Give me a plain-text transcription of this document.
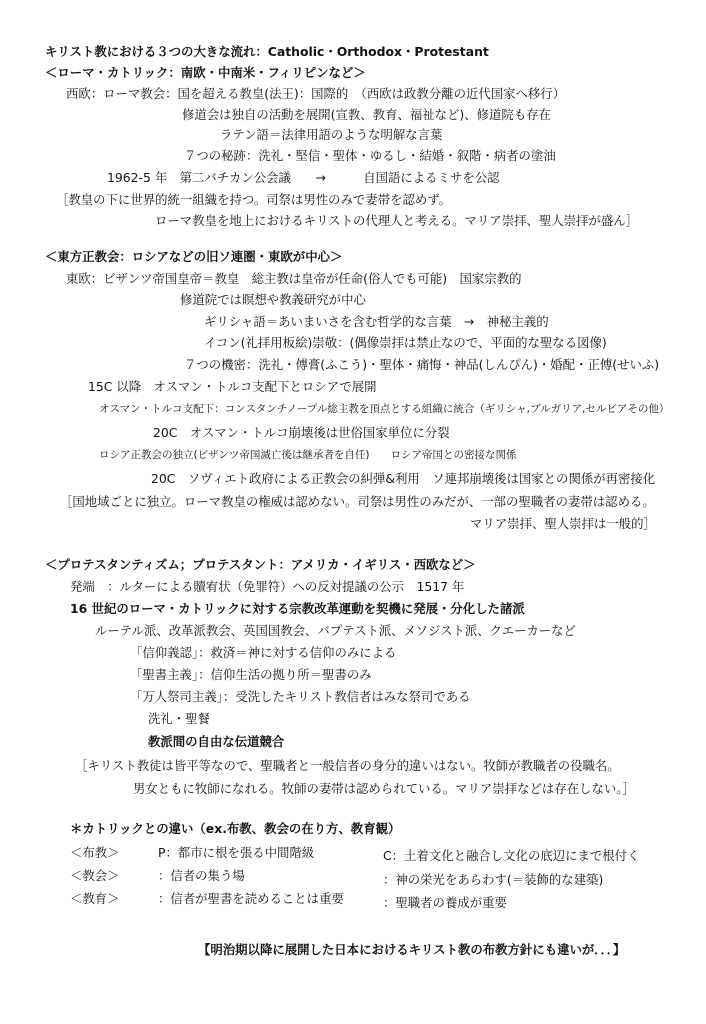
キリスト教における３つの大きな流れ：Catholic・Orthodox・Protestant
＜ローマ・カトリック：南欧・中南米・フィリピンなど＞
西欧：ローマ教会：国を超える教皇(法王)：国際的　（西欧は政教分離の近代国家へ移行）
修道会は独自の活動を展開(宣教、教育、福祉など)、修道院も存在
ラテン語＝法律用語のような明解な言葉
７つの秘跡：洗礼・堅信・聖体・ゆるし・結婚・叙階・病者の塗油
1962-5 年　第二バチカン公会議　　→　　　自国語によるミサを公認
［教皇の下に世界的統一組織を持つ。司祭は男性のみで妻帯を認めず。
ローマ教皇を地上におけるキリストの代理人と考える。マリア崇拝、聖人崇拝が盛ん］
＜東方正教会：ロシアなどの旧ソ連圏・東欧が中心＞
東欧：ビザンツ帝国皇帝＝教皇　総主教は皇帝が任命(俗人でも可能)　国家宗教的
修道院では瞑想や教義研究が中心
ギリシャ語＝あいまいさを含む哲学的な言葉　→　神秘主義的
イコン(礼拝用板絵)崇敬：(偶像崇拝は禁止なので、平面的な聖なる図像)
７つの機密：洗礼・傅膏(ふこう)・聖体・痛悔・神品(しんぴん)・婚配・正傅(せいふ)
15C 以降　オスマン・トルコ支配下とロシアで展開
オスマン・トルコ支配下：コンスタンチノープル総主教を頂点とする組織に統合（ギリシャ,ブルガリア,セルビアその他）
20C　オスマン・トルコ崩壊後は世俗国家単位に分裂
ロシア正教会の独立(ビザンツ帝国滅亡後は継承者を自任)　　ロシア帝国との密接な関係
20C　ソヴィエト政府による正教会の糾弾&利用　ソ連邦崩壊後は国家との関係が再密接化
［国地域ごとに独立。ローマ教皇の権威は認めない。司祭は男性のみだが、一部の聖職者の妻帯は認める。
マリア崇拝、聖人崇拝は一般的］
＜プロテスタンティズム；プロテスタント：アメリカ・イギリス・西欧など＞
発端　：ルターによる贖宥状（免罪符）への反対提議の公示　1517 年
16 世紀のローマ・カトリックに対する宗教改革運動を契機に発展・分化した諸派
ルーテル派、改革派教会、英国国教会、バプテスト派、メソジスト派、クエーカーなど
「信仰義認」：救済＝神に対する信仰のみによる
「聖書主義」：信仰生活の拠り所＝聖書のみ
「万人祭司主義」：受洗したキリスト教信者はみな祭司である
洗礼・聖餐
教派間の自由な伝道競合
［キリスト教徒は皆平等なので、聖職者と一般信者の身分的違いはない。牧師が教職者の役職名。
男女ともに牧師になれる。牧師の妻帯は認められている。マリア崇拝などは存在しない。］
＊カトリックとの違い（ex.布教、教会の在り方、教育観）
＜布教＞	P：都市に根を張る中間階級	C：土着文化と融合し文化の底辺にまで根付く
＜教会＞	：信者の集う場	：神の栄光をあらわす(＝装飾的な建築)
＜教育＞	：信者が聖書を読めることは重要	：聖職者の養成が重要
【明治期以降に展開した日本におけるキリスト教の布教方針にも違いが．．．】
